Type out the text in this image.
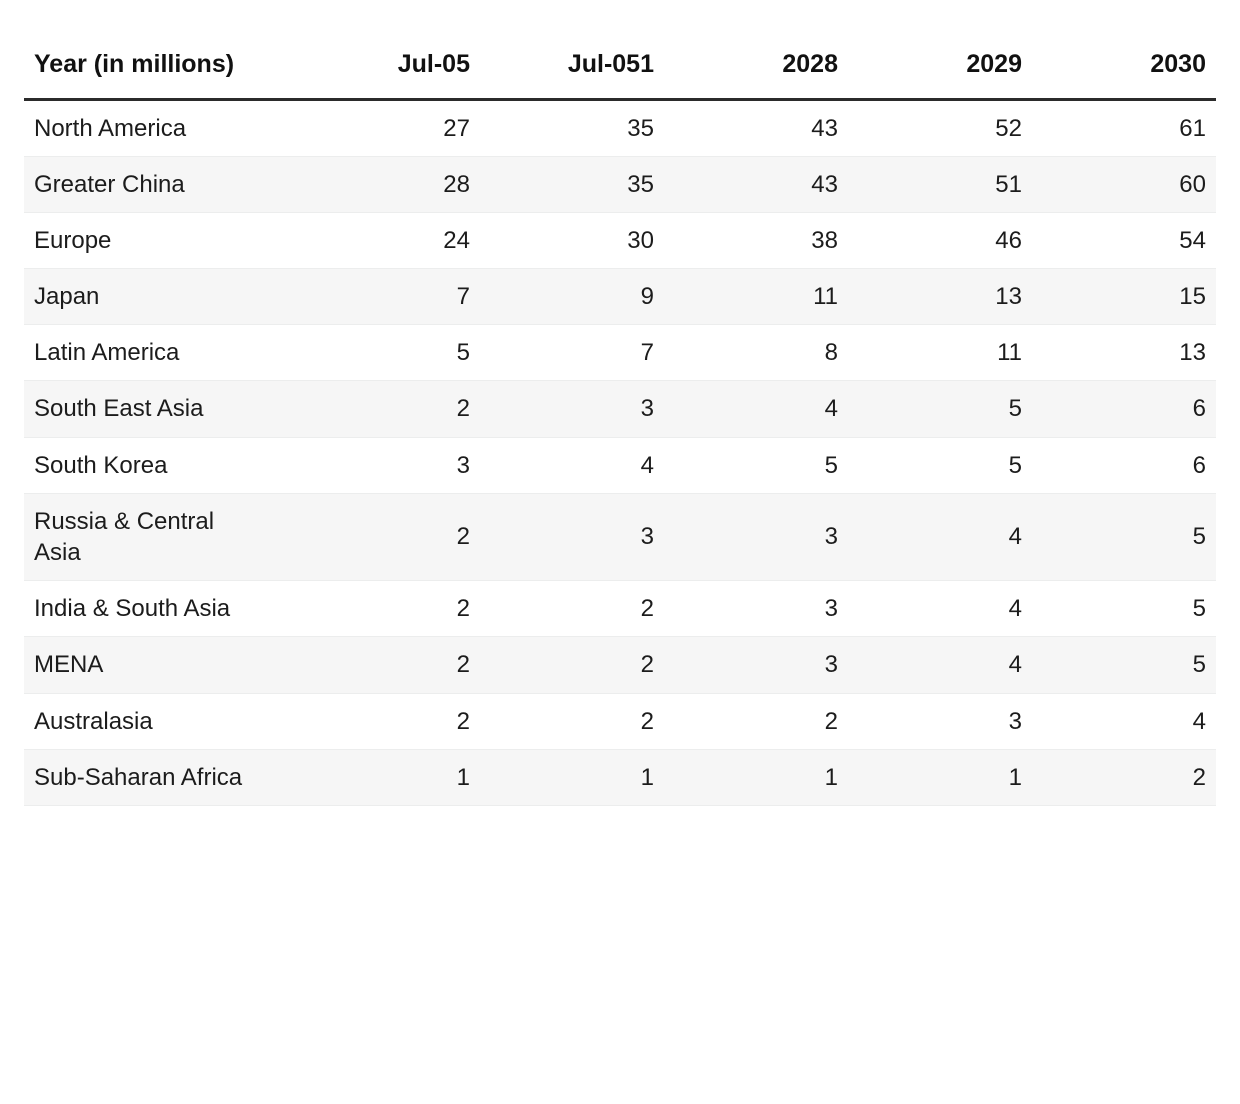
Year (in millions)	Jul-05	Jul-051	2028	2029	2030
North America	27	35	43	52	61
Greater China	28	35	43	51	60
Europe	24	30	38	46	54
Japan	7	9	11	13	15
Latin America	5	7	8	11	13
South East Asia	2	3	4	5	6
South Korea	3	4	5	5	6
Russia & Central Asia	2	3	3	4	5
India & South Asia	2	2	3	4	5
MENA	2	2	3	4	5
Australasia	2	2	2	3	4
Sub-Saharan Africa	1	1	1	1	2
